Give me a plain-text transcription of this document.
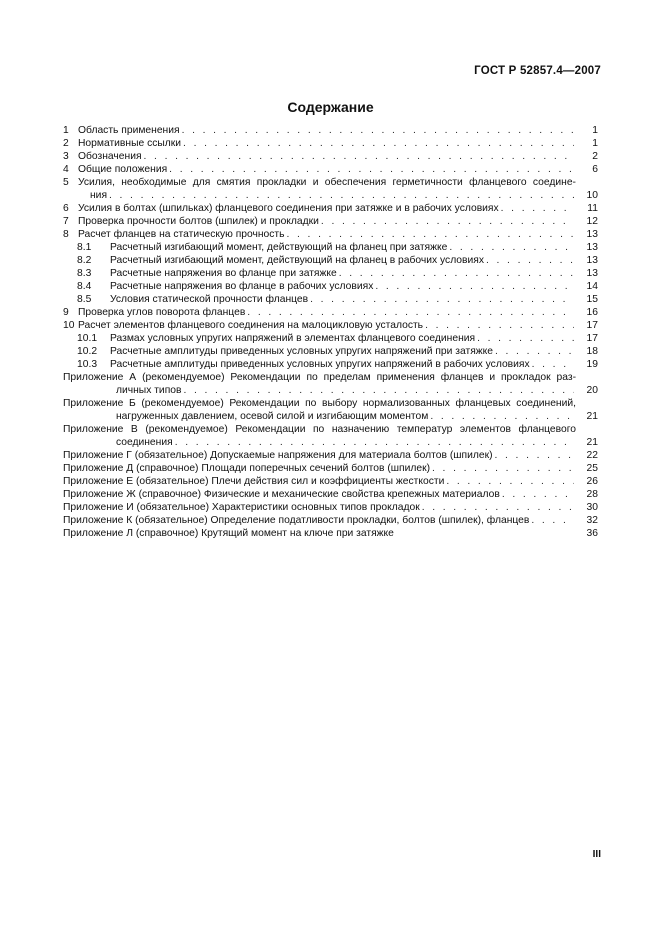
ГОСТ Р 52857.4—2007
Содержание
1 Область применения . . .	1
2 Нормативные ссылки . . .	1
3 Обозначения . . .	2
4 Общие положения . . .	6
5 Усилия, необходимые для смятия прокладки и обеспечения герметичности фланцевого соедине-
ния . . .	10
6 Усилия в болтах (шпильках) фланцевого соединения при затяжке и в рабочих условиях . . .	11
7 Проверка прочности болтов (шпилек) и прокладки . . .	12
8 Расчет фланцев на статическую прочность . . .	13
8.1	Расчетный изгибающий момент, действующий на фланец при затяжке . . .	13
8.2	Расчетный изгибающий момент, действующий на фланец в рабочих условиях . . .	13
8.3	Расчетные напряжения во фланце при затяжке . . .	13
8.4	Расчетные напряжения во фланце в рабочих условиях . . .	14
8.5	Условия статической прочности фланцев . . .	15
9 Проверка углов поворота фланцев . . .	16
10 Расчет элементов фланцевого соединения на малоцикловую усталость . . .	17
10.1	Размах условных упругих напряжений в элементах фланцевого соединения . . .	17
10.2	Расчетные амплитуды приведенных условных упругих напряжений при затяжке . . .	18
10.3	Расчетные амплитуды приведенных условных упругих напряжений в рабочих условиях . . .	19
Приложение А (рекомендуемое) Рекомендации по пределам применения фланцев и прокладок раз-
личных типов . . .	20
Приложение Б (рекомендуемое) Рекомендации по выбору нормализованных фланцевых соединений,
нагруженных давлением, осевой силой и изгибающим моментом . . .	21
Приложение В (рекомендуемое) Рекомендации по назначению температур элементов фланцевого
соединения . . .	21
Приложение Г (обязательное) Допускаемые напряжения для материала болтов (шпилек) . . .	22
Приложение Д (справочное) Площади поперечных сечений болтов (шпилек) . . .	25
Приложение Е (обязательное) Плечи действия сил и коэффициенты жесткости . . .	26
Приложение Ж (справочное) Физические и механические свойства крепежных материалов . . .	28
Приложение И (обязательное) Характеристики основных типов прокладок . . .	30
Приложение К (обязательное) Определение податливости прокладки, болтов (шпилек), фланцев . . .	32
Приложение Л (справочное) Крутящий момент на ключе при затяжке	36
III
